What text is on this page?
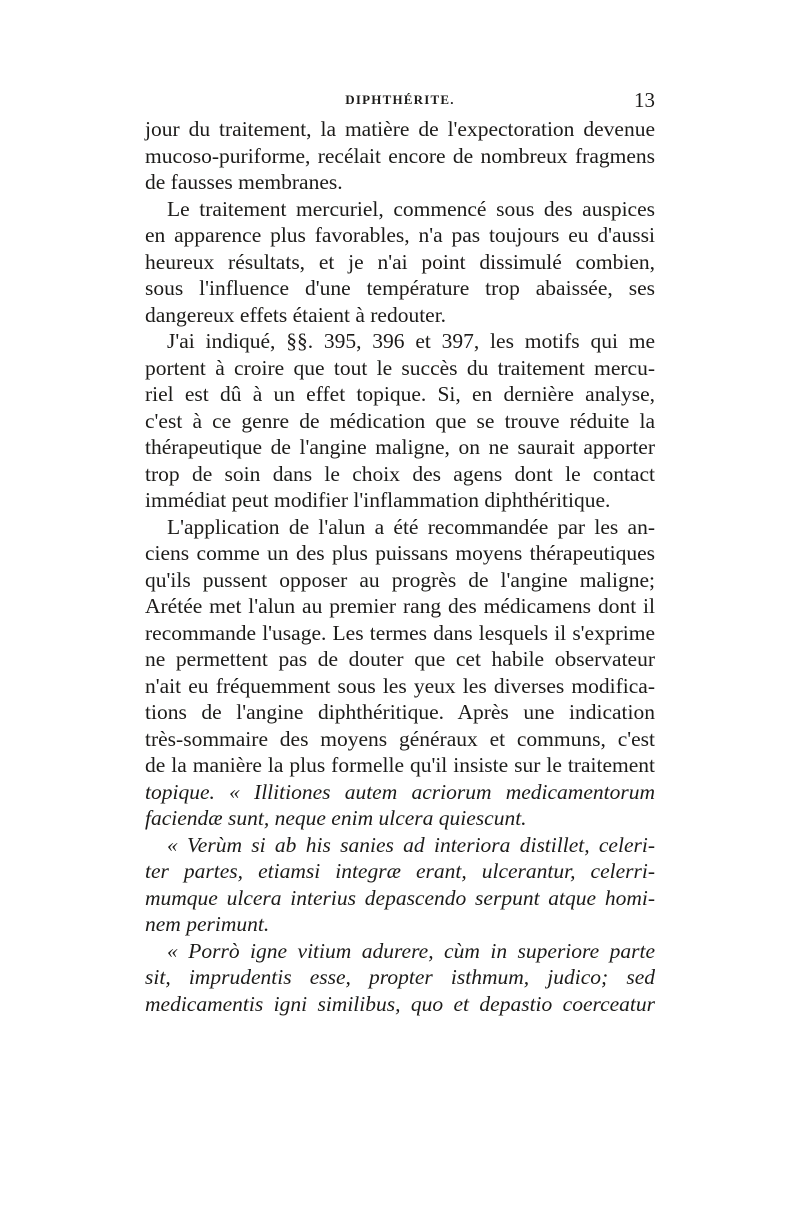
DIPHTHÉRITE.	13
jour du traitement, la matière de l'expectoration devenue
mucoso-puriforme, recélait encore de nombreux fragmens
de fausses membranes.
Le traitement mercuriel, commencé sous des auspices
en apparence plus favorables, n'a pas toujours eu d'aussi
heureux résultats, et je n'ai point dissimulé combien,
sous l'influence d'une température trop abaissée, ses
dangereux effets étaient à redouter.
J'ai indiqué, §§. 395, 396 et 397, les motifs qui me
portent à croire que tout le succès du traitement mercu-
riel est dû à un effet topique. Si, en dernière analyse,
c'est à ce genre de médication que se trouve réduite la
thérapeutique de l'angine maligne, on ne saurait apporter
trop de soin dans le choix des agens dont le contact
immédiat peut modifier l'inflammation diphthéritique.
L'application de l'alun a été recommandée par les an-
ciens comme un des plus puissans moyens thérapeutiques
qu'ils pussent opposer au progrès de l'angine maligne;
Arétée met l'alun au premier rang des médicamens dont il
recommande l'usage. Les termes dans lesquels il s'exprime
ne permettent pas de douter que cet habile observateur
n'ait eu fréquemment sous les yeux les diverses modifica-
tions de l'angine diphthéritique. Après une indication
très-sommaire des moyens généraux et communs, c'est
de la manière la plus formelle qu'il insiste sur le traitement
topique. « Illitiones autem acriorum medicamentorum
faciendæ sunt, neque enim ulcera quiescunt.
« Verùm si ab his sanies ad interiora distillet, celeri-
ter partes, etiamsi integræ erant, ulcerantur, celerri-
mumque ulcera interius depascendo serpunt atque homi-
nem perimunt.
« Porrò igne vitium adurere, cùm in superiore parte
sit, imprudentis esse, propter isthmum, judico; sed
medicamentis igni similibus, quo et depastio coerceatur
